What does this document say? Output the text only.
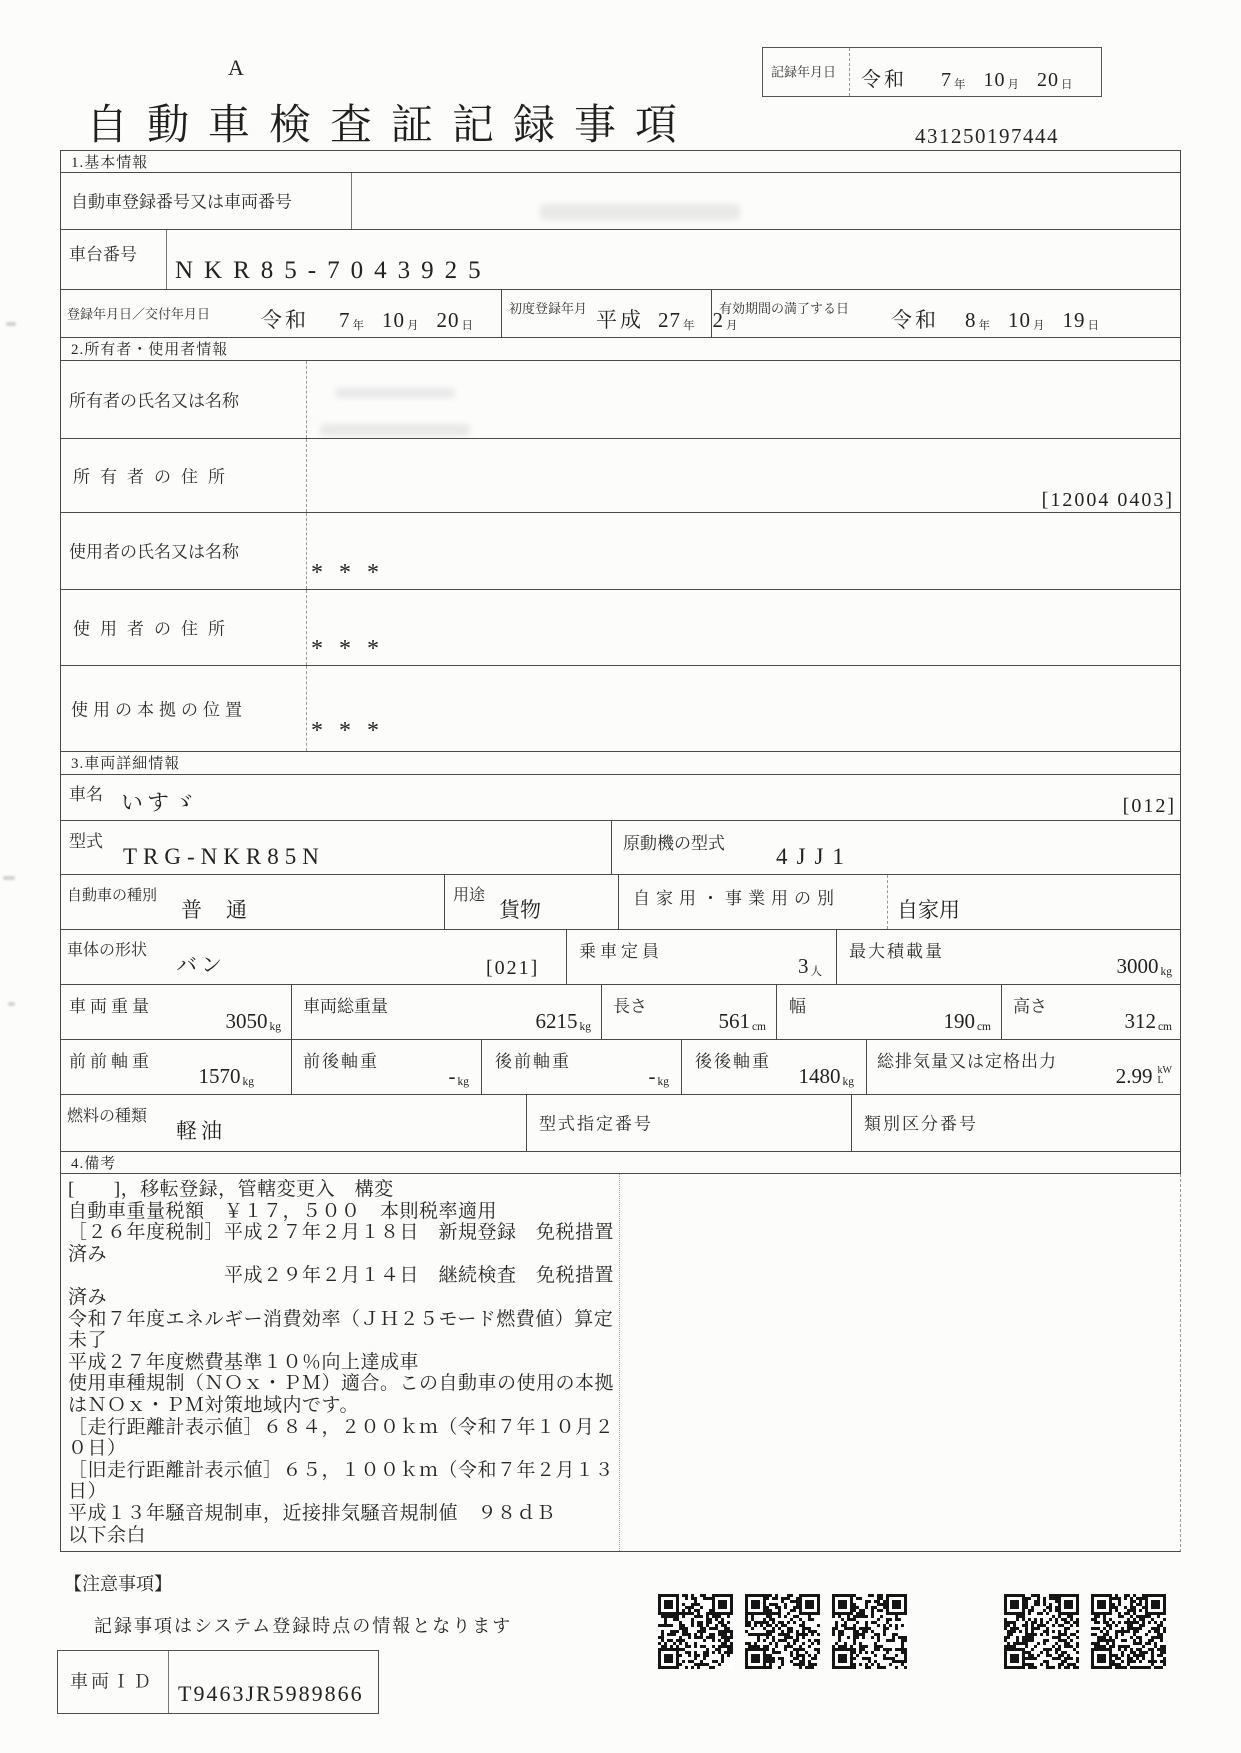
A
自動車検査証記録事項
記録年月日 令和 7 年 10 月 20 日
431250197444
1.基本情報
自動車登録番号又は車両番号
車台番号
NKR85-7043925
登録年月日／交付年月日 令和 7 年 10 月 20 日
初度登録年月 平成 27 年 2 月
有効期間の満了する日 令和 8 年 10 月 19 日
2.所有者・使用者情報
所有者の氏名又は名称
所有者の住所
[12004 0403]
使用者の氏名又は名称
***
使用者の住所
***
使用の本拠の位置
***
3.車両詳細情報
車名 いすゞ	[012]
型式
TRG-NKR85N
原動機の型式
4JJ1
自動車の種別
普通
用途
貨物	自家用・事業用の別	自家用
車体の形状
バン	[021]
乗車定員
3 人
最大積載量
3000 kg
車両重量
3050 kg
車両総重量
6215 kg
長さ
561 cm
幅
190 cm
高さ
312 cm
前前軸重
1570 kg
前後軸重
- kg
後前軸重
- kg
後後軸重
1480 kg
総排気量又は定格出力
2.99 kW
L
燃料の種類
軽油	型式指定番号	類別区分番号
4.備考
[　　]，移転登録，管轄変更入　構変
自動車重量税額　￥１７，５００　本則税率適用
［２６年度税制］平成２７年２月１８日　新規登録　免税措置済み
　　　　　　　　平成２９年２月１４日　継続検査　免税措置済み
令和７年度エネルギー消費効率（ＪＨ２５モード燃費値）算定未了
平成２７年度燃費基準１０％向上達成車
使用車種規制（ＮＯｘ・ＰＭ）適合。この自動車の使用の本拠はＮＯｘ・ＰＭ対策地域内です。
［走行距離計表示値］６８４，２００ｋｍ（令和７年１０月２０日）
［旧走行距離計表示値］６５，１００ｋｍ（令和７年２月１３日）
平成１３年騒音規制車，近接排気騒音規制値　９８ｄＢ
以下余白
【注意事項】
記録事項はシステム登録時点の情報となります
車両ＩＤ T9463JR5989866
